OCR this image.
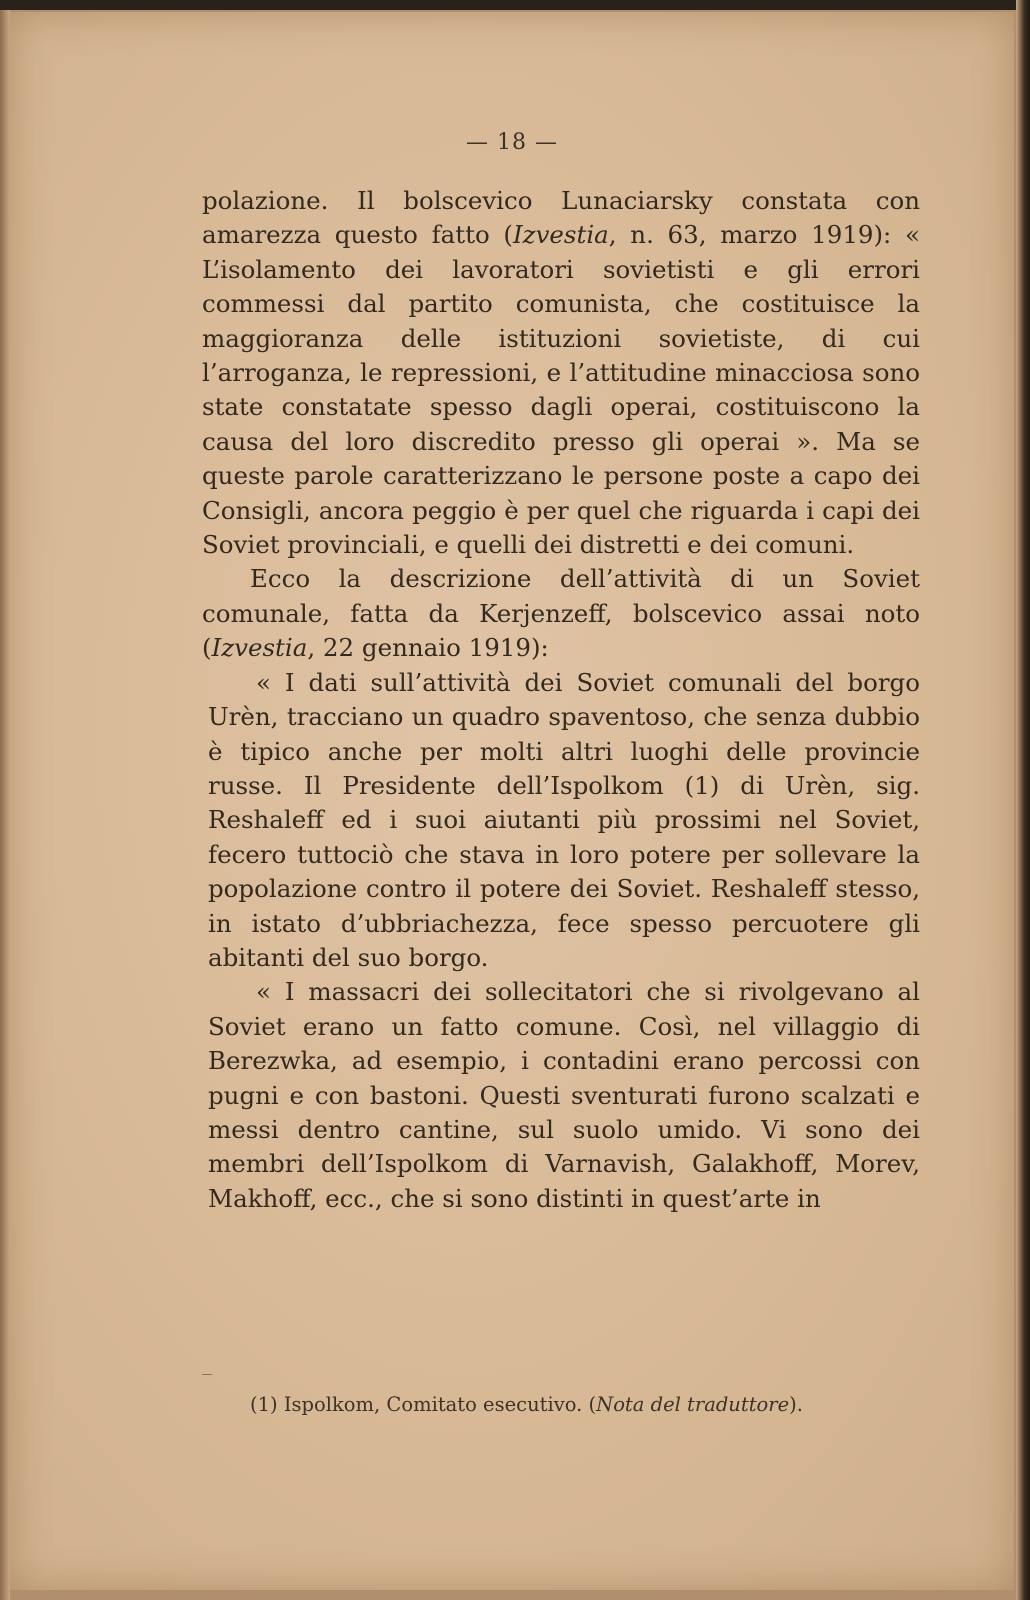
— 18 —

polazione. Il bolscevico Lunaciarsky constata con amarezza questo fatto (Izvestia, n. 63, marzo 1919): « L’isolamento dei lavoratori sovietisti e gli errori commessi dal partito comunista, che costituisce la maggioranza delle istituzioni sovietiste, di cui l’arroganza, le repressioni, e l’attitudine minacciosa sono state constatate spesso dagli operai, costituiscono la causa del loro discredito presso gli operai ». Ma se queste parole caratterizzano le persone poste a capo dei Consigli, ancora peggio è per quel che riguarda i capi dei Soviet provinciali, e quelli dei distretti e dei comuni.

Ecco la descrizione dell’attività di un Soviet comunale, fatta da Kerjenzeff, bolscevico assai noto (Izvestia, 22 gennaio 1919):

« I dati sull’attività dei Soviet comunali del borgo Urèn, tracciano un quadro spaventoso, che senza dubbio è tipico anche per molti altri luoghi delle provincie russe. Il Presidente dell’Ispolkom (1) di Urèn, sig. Reshaleff ed i suoi aiutanti più prossimi nel Soviet, fecero tuttociò che stava in loro potere per sollevare la popolazione contro il potere dei Soviet. Reshaleff stesso, in istato d’ubbriachezza, fece spesso percuotere gli abitanti del suo borgo.

« I massacri dei sollecitatori che si rivolgevano al Soviet erano un fatto comune. Così, nel villaggio di Berezwka, ad esempio, i contadini erano percossi con pugni e con bastoni. Questi sventurati furono scalzati e messi dentro cantine, sul suolo umido. Vi sono dei membri dell’Ispolkom di Varnavish, Galakhoff, Morev, Makhoff, ecc., che si sono distinti in quest’arte in

(1) Ispolkom, Comitato esecutivo. (Nota del traduttore).
